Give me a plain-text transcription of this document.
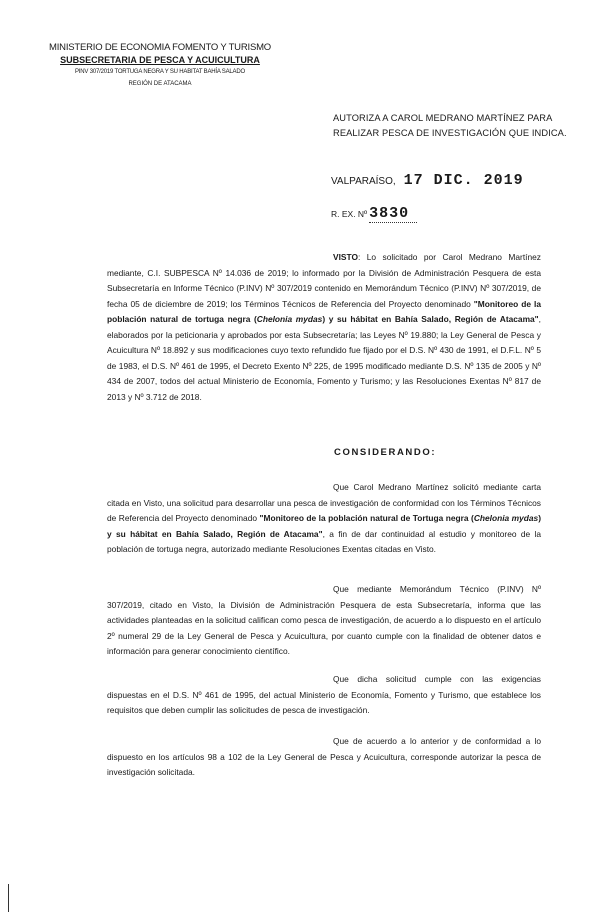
MINISTERIO DE ECONOMIA FOMENTO Y TURISMO
SUBSECRETARIA DE PESCA Y ACUICULTURA
PINV 307/2019 TORTUGA NEGRA Y SU HABITAT BAHÍA SALADO
REGIÓN DE ATACAMA
AUTORIZA A CAROL MEDRANO MARTÍNEZ PARA REALIZAR PESCA DE INVESTIGACIÓN QUE INDICA.
VALPARAÍSO, 17 DIC. 2019
R. EX. Nº 3830
VISTO: Lo solicitado por Carol Medrano Martínez mediante, C.I. SUBPESCA Nº 14.036 de 2019; lo informado por la División de Administración Pesquera de esta Subsecretaría en Informe Técnico (P.INV) Nº 307/2019 contenido en Memorándum Técnico (P.INV) Nº 307/2019, de fecha 05 de diciembre de 2019; los Términos Técnicos de Referencia del Proyecto denominado "Monitoreo de la población natural de tortuga negra (Chelonia mydas) y su hábitat en Bahía Salado, Región de Atacama", elaborados por la peticionaria y aprobados por esta Subsecretaría; las Leyes Nº 19.880; la Ley General de Pesca y Acuicultura Nº 18.892 y sus modificaciones cuyo texto refundido fue fijado por el D.S. Nº 430 de 1991, el D.F.L. Nº 5 de 1983, el D.S. Nº 461 de 1995, el Decreto Exento Nº 225, de 1995 modificado mediante D.S. Nº 135 de 2005 y Nº 434 de 2007, todos del actual Ministerio de Economía, Fomento y Turismo; y las Resoluciones Exentas Nº 817 de 2013 y Nº 3.712 de 2018.
CONSIDERANDO:
Que Carol Medrano Martínez solicitó mediante carta citada en Visto, una solicitud para desarrollar una pesca de investigación de conformidad con los Términos Técnicos de Referencia del Proyecto denominado "Monitoreo de la población natural de Tortuga negra (Chelonia mydas) y su hábitat en Bahía Salado, Región de Atacama", a fin de dar continuidad al estudio y monitoreo de la población de tortuga negra, autorizado mediante Resoluciones Exentas citadas en Visto.
Que mediante Memorándum Técnico (P.INV) Nº 307/2019, citado en Visto, la División de Administración Pesquera de esta Subsecretaría, informa que las actividades planteadas en la solicitud califican como pesca de investigación, de acuerdo a lo dispuesto en el artículo 2º numeral 29 de la Ley General de Pesca y Acuicultura, por cuanto cumple con la finalidad de obtener datos e información para generar conocimiento científico.
Que dicha solicitud cumple con las exigencias dispuestas en el D.S. Nº 461 de 1995, del actual Ministerio de Economía, Fomento y Turismo, que establece los requisitos que deben cumplir las solicitudes de pesca de investigación.
Que de acuerdo a lo anterior y de conformidad a lo dispuesto en los artículos 98 a 102 de la Ley General de Pesca y Acuicultura, corresponde autorizar la pesca de investigación solicitada.
